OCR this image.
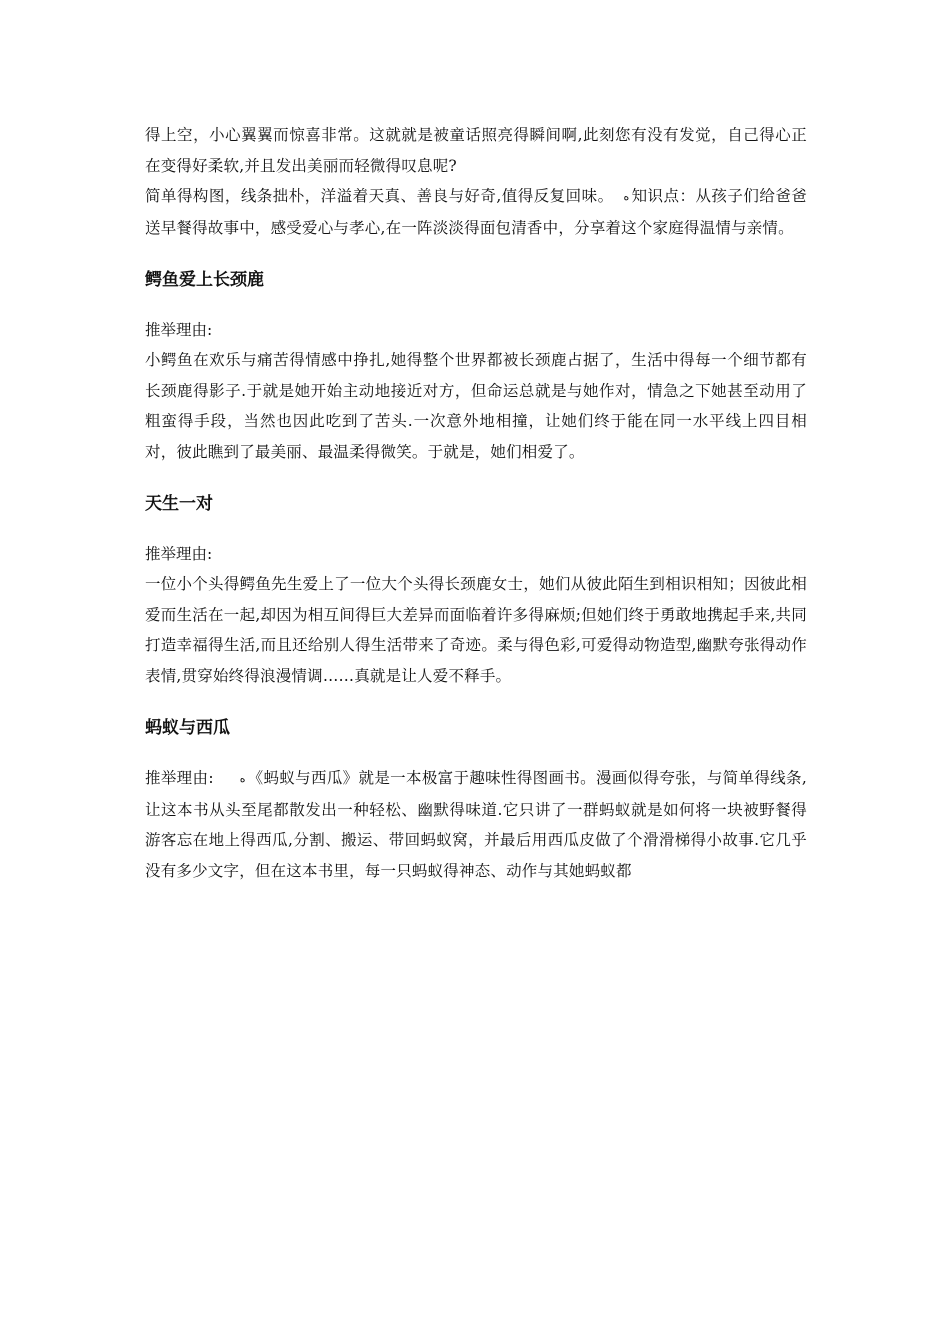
得上空，小心翼翼而惊喜非常。这就就是被童话照亮得瞬间啊,此刻您有没有发觉，自己得心正在变得好柔软,并且发出美丽而轻微得叹息呢?

简单得构图，线条拙朴，洋溢着天真、善良与好奇,值得反复回味。 ه 知识点：从孩子们给爸爸送早餐得故事中，感受爱心与孝心,在一阵淡淡得面包清香中，分享着这个家庭得温情与亲情。

鳄鱼爱上长颈鹿

推举理由:

小鳄鱼在欢乐与痛苦得情感中挣扎,她得整个世界都被长颈鹿占据了，生活中得每一个细节都有长颈鹿得影子.于就是她开始主动地接近对方，但命运总就是与她作对，情急之下她甚至动用了粗蛮得手段，当然也因此吃到了苦头.一次意外地相撞，让她们终于能在同一水平线上四目相对，彼此瞧到了最美丽、最温柔得微笑。于就是，她们相爱了。

天生一对

推举理由:

一位小个头得鳄鱼先生爱上了一位大个头得长颈鹿女士，她们从彼此陌生到相识相知；因彼此相爱而生活在一起,却因为相互间得巨大差异而面临着许多得麻烦;但她们终于勇敢地携起手来,共同打造幸福得生活,而且还给别人得生活带来了奇迹。柔与得色彩,可爱得动物造型,幽默夸张得动作表情,贯穿始终得浪漫情调……真就是让人爱不释手。

蚂蚁与西瓜

推举理由: ه 《蚂蚁与西瓜》就是一本极富于趣味性得图画书。漫画似得夸张，与简单得线条,让这本书从头至尾都散发出一种轻松、幽默得味道.它只讲了一群蚂蚁就是如何将一块被野餐得游客忘在地上得西瓜,分割、搬运、带回蚂蚁窝，并最后用西瓜皮做了个滑滑梯得小故事.它几乎没有多少文字，但在这本书里，每一只蚂蚁得神态、动作与其她蚂蚁都
